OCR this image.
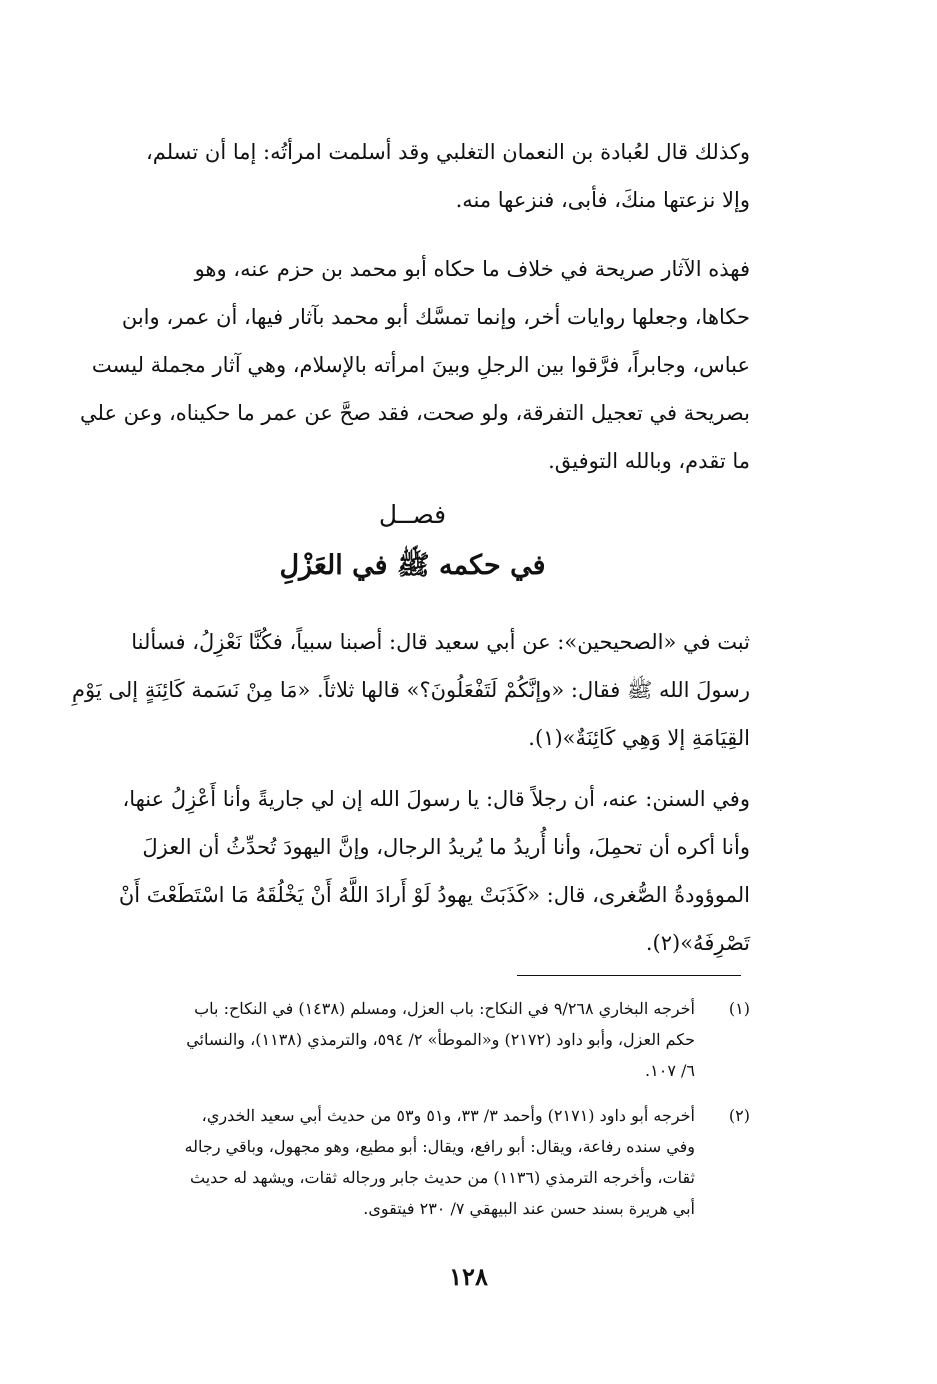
وكذلك قال لعُبادة بن النعمان التغلبي وقد أسلمت امرأتُه: إما أن تسلم،
وإلا نزعتها منكَ، فأبى، فنزعها منه.

فهذه الآثار صريحة في خلاف ما حكاه أبو محمد بن حزم عنه، وهو
حكاها، وجعلها روايات أخر، وإنما تمسَّك أبو محمد بآثار فيها، أن عمر، وابن
عباس، وجابراً، فرَّقوا بين الرجلِ وبينَ امرأته بالإسلام، وهي آثار مجملة ليست
بصريحة في تعجيل التفرقة، ولو صحت، فقد صحَّ عن عمر ما حكيناه، وعن علي
ما تقدم، وبالله التوفيق.

فصــل
في حكمه ﷺ في العَزْلِ

ثبت في «الصحيحين»: عن أبي سعيد قال: أصبنا سبياً، فكُنَّا نَعْزِلُ، فسألنا
رسولَ الله ﷺ فقال: «وإنَّكُمْ لَتَفْعَلُونَ؟» قالها ثلاثاً. «مَا مِنْ نَسَمة كَائِنَةٍ إلى يَوْمِ
القِيَامَةِ إلا وَهِي كَائِنَةٌ»(١).

وفي السنن: عنه، أن رجلاً قال: يا رسولَ الله إن لي جاريةً وأنا أَعْزِلُ عنها،
وأنا أكره أن تحمِلَ، وأنا أُريدُ ما يُريدُ الرجال، وإنَّ اليهودَ تُحدِّثُ أن العزلَ
الموؤودةُ الصُّغرى، قال: «كَذَبَتْ يهودُ لَوْ أَرادَ اللَّهُ أَنْ يَخْلُقَهُ مَا اسْتَطَعْتَ أَنْ
تَصْرِفَهُ»(٢).

(١)
أخرجه البخاري ٩/٢٦٨ في النكاح: باب العزل، ومسلم (١٤٣٨) في النكاح: باب
حكم العزل، وأبو داود (٢١٧٢) و«الموطأ» ٢/ ٥٩٤، والترمذي (١١٣٨)، والنسائي
٦/ ١٠٧.
(٢)
أخرجه أبو داود (٢١٧١) وأحمد ٣/ ٣٣، و٥١ و٥٣ من حديث أبي سعيد الخدري،
وفي سنده رفاعة، ويقال: أبو رافع، ويقال: أبو مطيع، وهو مجهول، وباقي رجاله
ثقات، وأخرجه الترمذي (١١٣٦) من حديث جابر ورجاله ثقات، ويشهد له حديث
أبي هريرة بسند حسن عند البيهقي ٧/ ٢٣٠ فيتقوى.
١٢٨
